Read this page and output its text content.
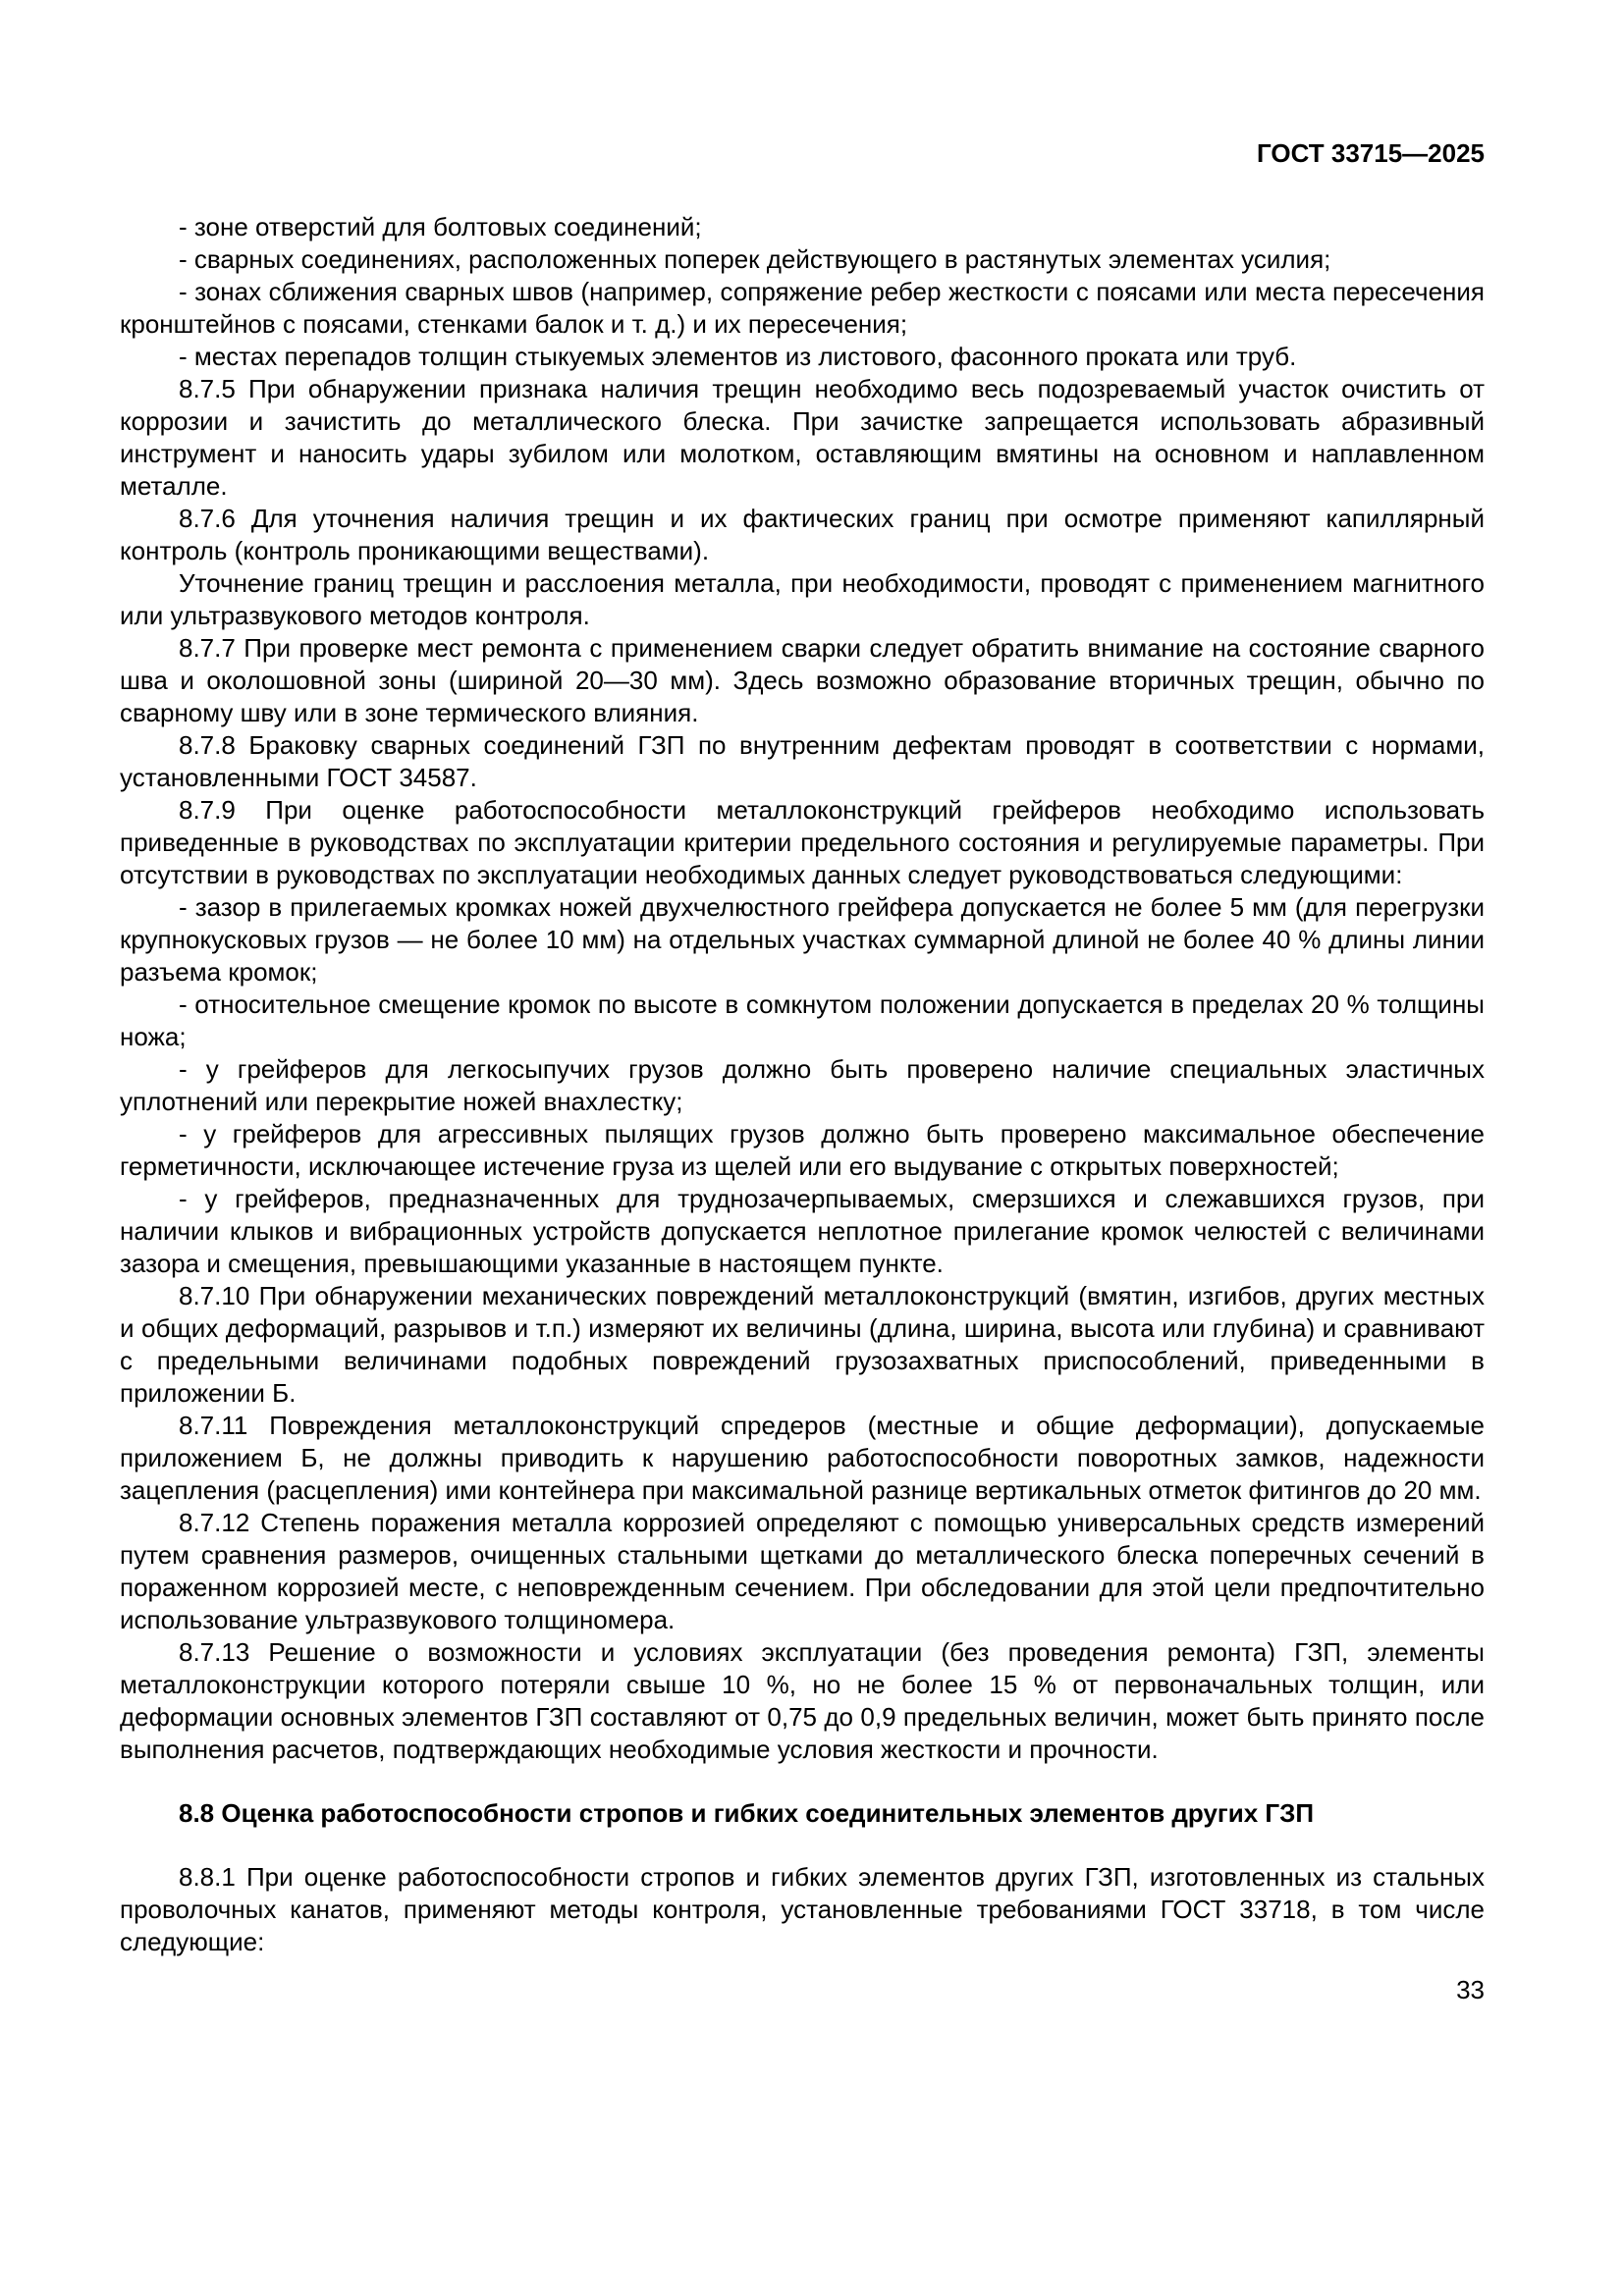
ГОСТ 33715—2025

- зоне отверстий для болтовых соединений;

- сварных соединениях, расположенных поперек действующего в растянутых элементах усилия;

- зонах сближения сварных швов (например, сопряжение ребер жесткости с поясами или места пересечения кронштейнов с поясами, стенками балок и т. д.) и их пересечения;

- местах перепадов толщин стыкуемых элементов из листового, фасонного проката или труб.

8.7.5 При обнаружении признака наличия трещин необходимо весь подозреваемый участок очистить от коррозии и зачистить до металлического блеска. При зачистке запрещается использовать абразивный инструмент и наносить удары зубилом или молотком, оставляющим вмятины на основном и наплавленном металле.

8.7.6 Для уточнения наличия трещин и их фактических границ при осмотре применяют капиллярный контроль (контроль проникающими веществами).

Уточнение границ трещин и расслоения металла, при необходимости, проводят с применением магнитного или ультразвукового методов контроля.

8.7.7 При проверке мест ремонта с применением сварки следует обратить внимание на состояние сварного шва и околошовной зоны (шириной 20—30 мм). Здесь возможно образование вторичных трещин, обычно по сварному шву или в зоне термического влияния.

8.7.8 Браковку сварных соединений ГЗП по внутренним дефектам проводят в соответствии с нормами, установленными ГОСТ 34587.

8.7.9 При оценке работоспособности металлоконструкций грейферов необходимо использовать приведенные в руководствах по эксплуатации критерии предельного состояния и регулируемые параметры. При отсутствии в руководствах по эксплуатации необходимых данных следует руководствоваться следующими:

- зазор в прилегаемых кромках ножей двухчелюстного грейфера допускается не более 5 мм (для перегрузки крупнокусковых грузов — не более 10 мм) на отдельных участках суммарной длиной не более 40 % длины линии разъема кромок;

- относительное смещение кромок по высоте в сомкнутом положении допускается в пределах 20 % толщины ножа;

- у грейферов для легкосыпучих грузов должно быть проверено наличие специальных эластичных уплотнений или перекрытие ножей внахлестку;

- у грейферов для агрессивных пылящих грузов должно быть проверено максимальное обеспечение герметичности, исключающее истечение груза из щелей или его выдувание с открытых поверхностей;

- у грейферов, предназначенных для труднозачерпываемых, смерзшихся и слежавшихся грузов, при наличии клыков и вибрационных устройств допускается неплотное прилегание кромок челюстей с величинами зазора и смещения, превышающими указанные в настоящем пункте.

8.7.10 При обнаружении механических повреждений металлоконструкций (вмятин, изгибов, других местных и общих деформаций, разрывов и т.п.) измеряют их величины (длина, ширина, высота или глубина) и сравнивают с предельными величинами подобных повреждений грузозахватных приспособлений, приведенными в приложении Б.

8.7.11 Повреждения металлоконструкций спредеров (местные и общие деформации), допускаемые приложением Б, не должны приводить к нарушению работоспособности поворотных замков, надежности зацепления (расцепления) ими контейнера при максимальной разнице вертикальных отметок фитингов до 20 мм.

8.7.12 Степень поражения металла коррозией определяют с помощью универсальных средств измерений путем сравнения размеров, очищенных стальными щетками до металлического блеска поперечных сечений в пораженном коррозией месте, с неповрежденным сечением. При обследовании для этой цели предпочтительно использование ультразвукового толщиномера.

8.7.13 Решение о возможности и условиях эксплуатации (без проведения ремонта) ГЗП, элементы металлоконструкции которого потеряли свыше 10 %, но не более 15 % от первоначальных толщин, или деформации основных элементов ГЗП составляют от 0,75 до 0,9 предельных величин, может быть принято после выполнения расчетов, подтверждающих необходимые условия жесткости и прочности.

8.8 Оценка работоспособности стропов и гибких соединительных элементов других ГЗП

8.8.1 При оценке работоспособности стропов и гибких элементов других ГЗП, изготовленных из стальных проволочных канатов, применяют методы контроля, установленные требованиями ГОСТ 33718, в том числе следующие:

33
